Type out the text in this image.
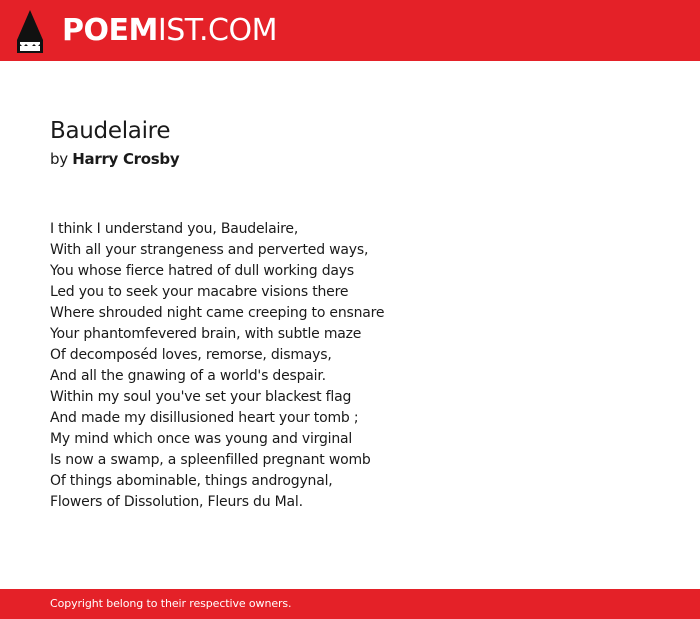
POEMIST.COM
Baudelaire
by Harry Crosby
I think I understand you, Baudelaire,
With all your strangeness and perverted ways,
You whose fierce hatred of dull working days
Led you to seek your macabre visions there
Where shrouded night came creeping to ensnare
Your phantomfevered brain, with subtle maze
Of decomposéd loves, remorse, dismays,
And all the gnawing of a world's despair.
Within my soul you've set your blackest flag
And made my disillusioned heart your tomb ;
My mind which once was young and virginal
Is now a swamp, a spleenfilled pregnant womb
Of things abominable, things androgynal,
Flowers of Dissolution, Fleurs du Mal.
Copyright belong to their respective owners.
